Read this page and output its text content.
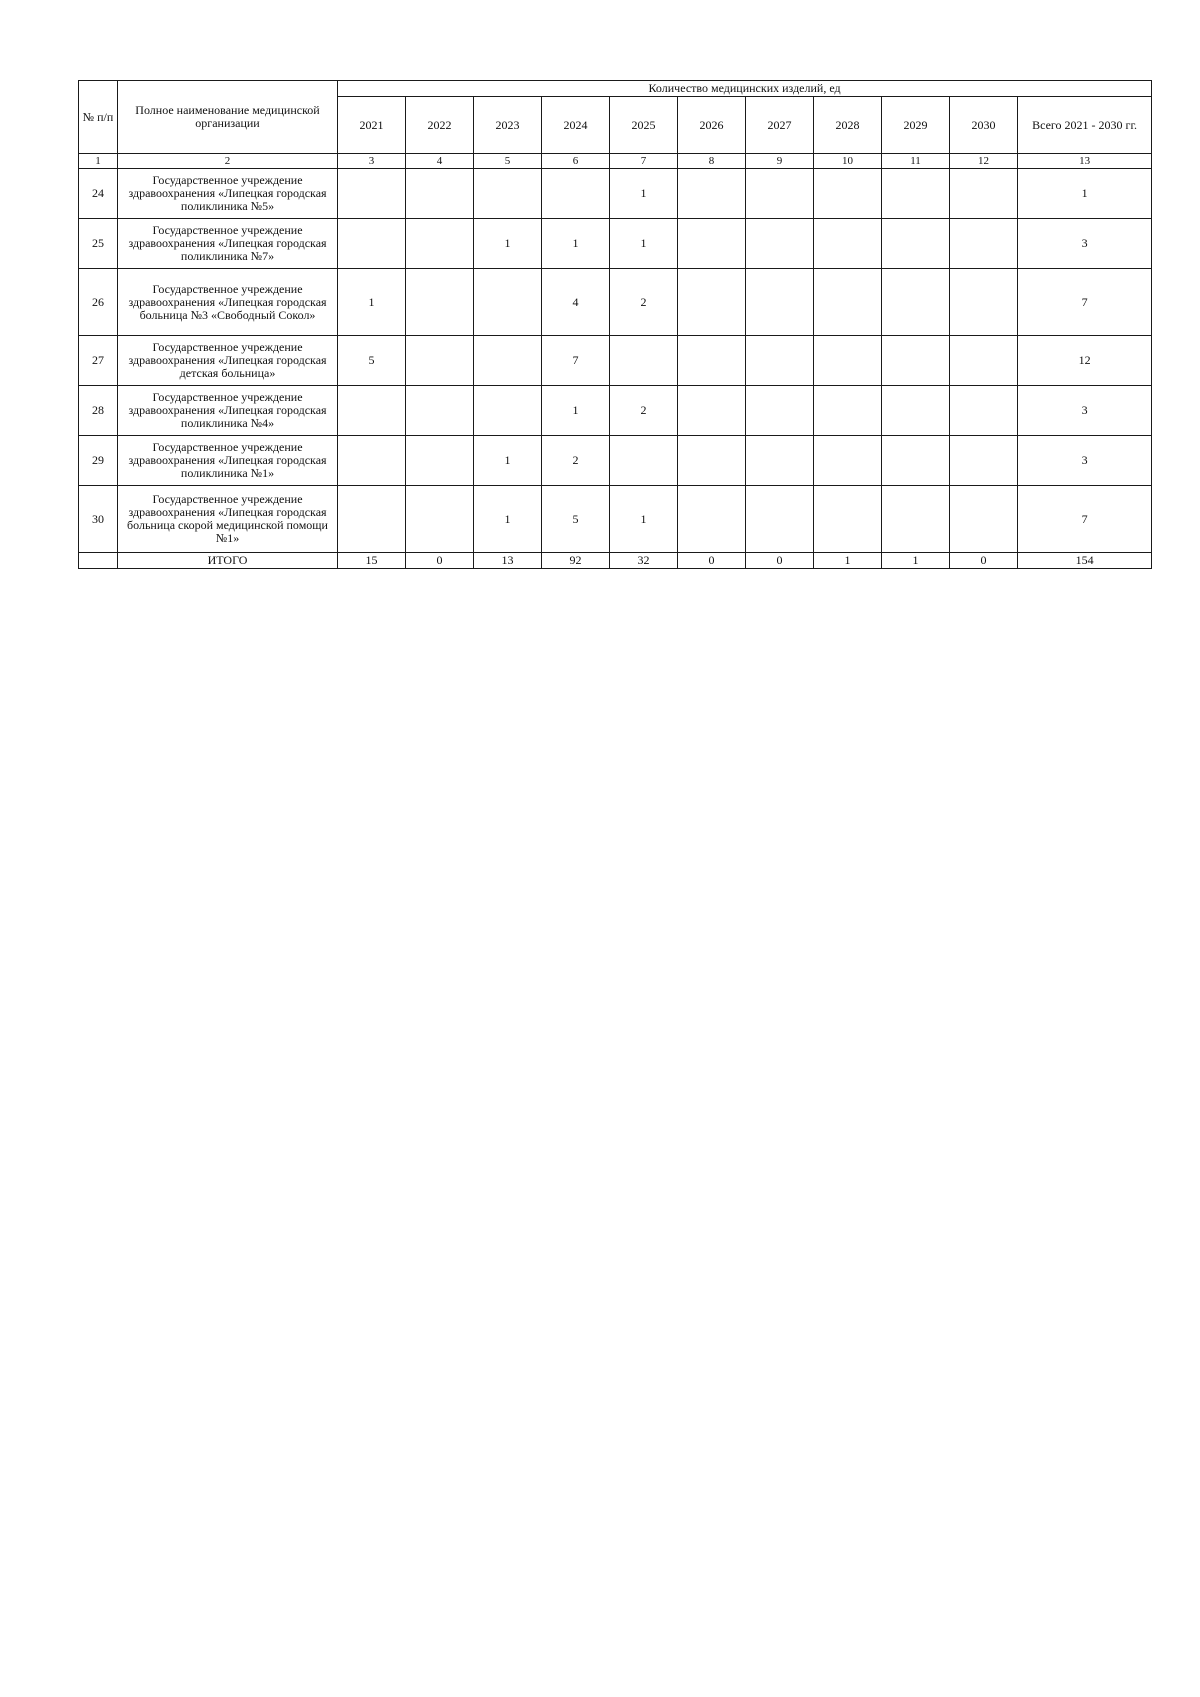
№ п/п	Полное наименование медицинской организации	Количество медицинских изделий, ед										
		2021	2022	2023	2024	2025	2026	2027	2028	2029	2030	Всего 2021 - 2030 гг.
1	2	3	4	5	6	7	8	9	10	11	12	13
24	Государственное учреждение здравоохранения «Липецкая городская поликлиника №5»					1						1
25	Государственное учреждение здравоохранения «Липецкая городская поликлиника №7»			1	1	1						3
26	Государственное учреждение здравоохранения «Липецкая городская больница №3 «Свободный Сокол»	1			4	2						7
27	Государственное учреждение здравоохранения «Липецкая городская детская больница»	5			7							12
28	Государственное учреждение здравоохранения «Липецкая городская поликлиника №4»				1	2						3
29	Государственное учреждение здравоохранения «Липецкая городская поликлиника №1»			1	2							3
30	Государственное учреждение здравоохранения «Липецкая городская больница скорой медицинской помощи №1»			1	5	1						7
	ИТОГО	15	0	13	92	32	0	0	1	1	0	154
